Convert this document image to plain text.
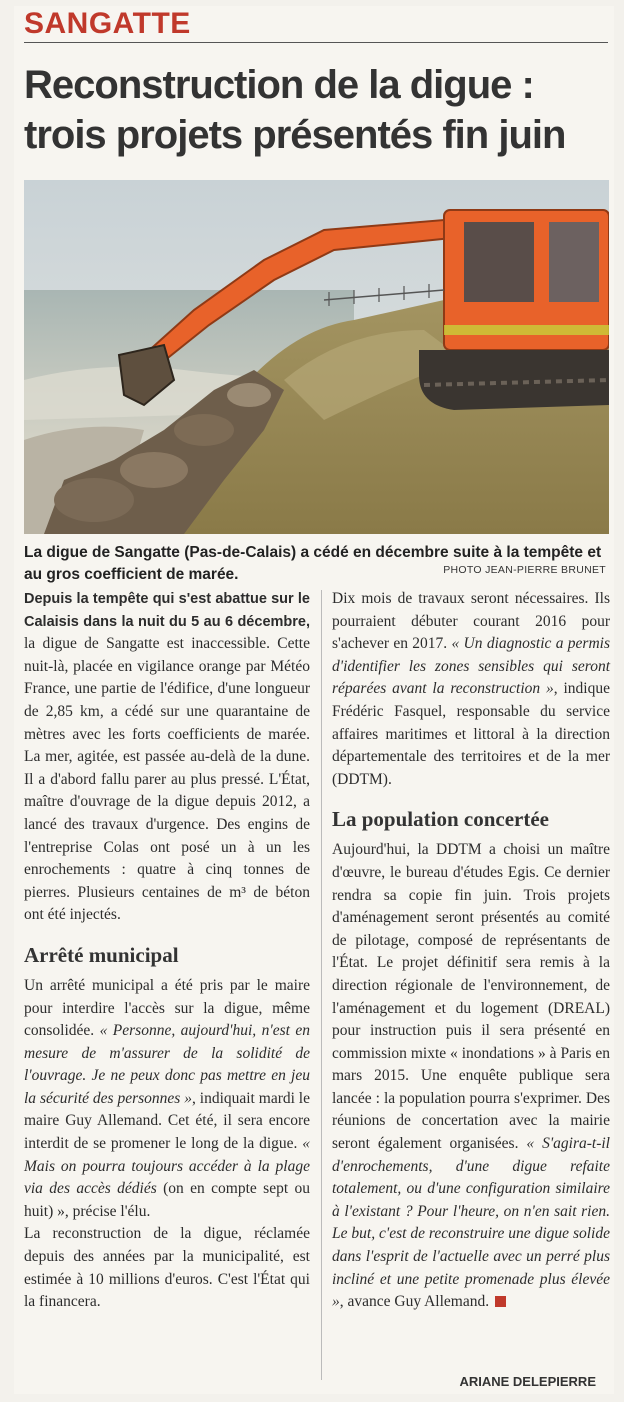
SANGATTE
Reconstruction de la digue :
trois projets présentés fin juin
La digue de Sangatte (Pas-de-Calais) a cédé en décembre suite à la tempête et au gros coefficient de marée.	PHOTO JEAN-PIERRE BRUNET

Depuis la tempête qui s'est abattue sur le Calaisis dans la nuit du 5 au 6 décembre, la digue de Sangatte est inaccessible. Cette nuit-là, placée en vigilance orange par Météo France, une partie de l'édifice, d'une longueur de 2,85 km, a cédé sur une quarantaine de mètres avec les forts coefficients de marée. La mer, agitée, est passée au-delà de la dune. Il a d'abord fallu parer au plus pressé. L'État, maître d'ouvrage de la digue depuis 2012, a lancé des travaux d'urgence. Des engins de l'entreprise Colas ont posé un à un les enrochements : quatre à cinq tonnes de pierres. Plusieurs centaines de m³ de béton ont été injectés.

Arrêté municipal

Un arrêté municipal a été pris par le maire pour interdire l'accès sur la digue, même consolidée. « Personne, aujourd'hui, n'est en mesure de m'assurer de la solidité de l'ouvrage. Je ne peux donc pas mettre en jeu la sécurité des personnes », indiquait mardi le maire Guy Allemand. Cet été, il sera encore interdit de se promener le long de la digue. « Mais on pourra toujours accéder à la plage via des accès dédiés (on en compte sept ou huit) », précise l'élu.

La reconstruction de la digue, réclamée depuis des années par la municipalité, est estimée à 10 millions d'euros. C'est l'État qui la financera.

Dix mois de travaux seront nécessaires. Ils pourraient débuter courant 2016 pour s'achever en 2017. « Un diagnostic a permis d'identifier les zones sensibles qui seront réparées avant la reconstruction », indique Frédéric Fasquel, responsable du service affaires maritimes et littoral à la direction départementale des territoires et de la mer (DDTM).

La population concertée

Aujourd'hui, la DDTM a choisi un maître d'œuvre, le bureau d'études Egis. Ce dernier rendra sa copie fin juin. Trois projets d'aménagement seront présentés au comité de pilotage, composé de représentants de l'État. Le projet définitif sera remis à la direction régionale de l'environnement, de l'aménagement et du logement (DREAL) pour instruction puis il sera présenté en commission mixte « inondations » à Paris en mars 2015. Une enquête publique sera lancée : la population pourra s'exprimer. Des réunions de concertation avec la mairie seront également organisées. « S'agira-t-il d'enrochements, d'une digue refaite totalement, ou d'une configuration similaire à l'existant ? Pour l'heure, on n'en sait rien. Le but, c'est de reconstruire une digue solide dans l'esprit de l'actuelle avec un perré plus incliné et une petite promenade plus élevée », avance Guy Allemand.

ARIANE DELEPIERRE
